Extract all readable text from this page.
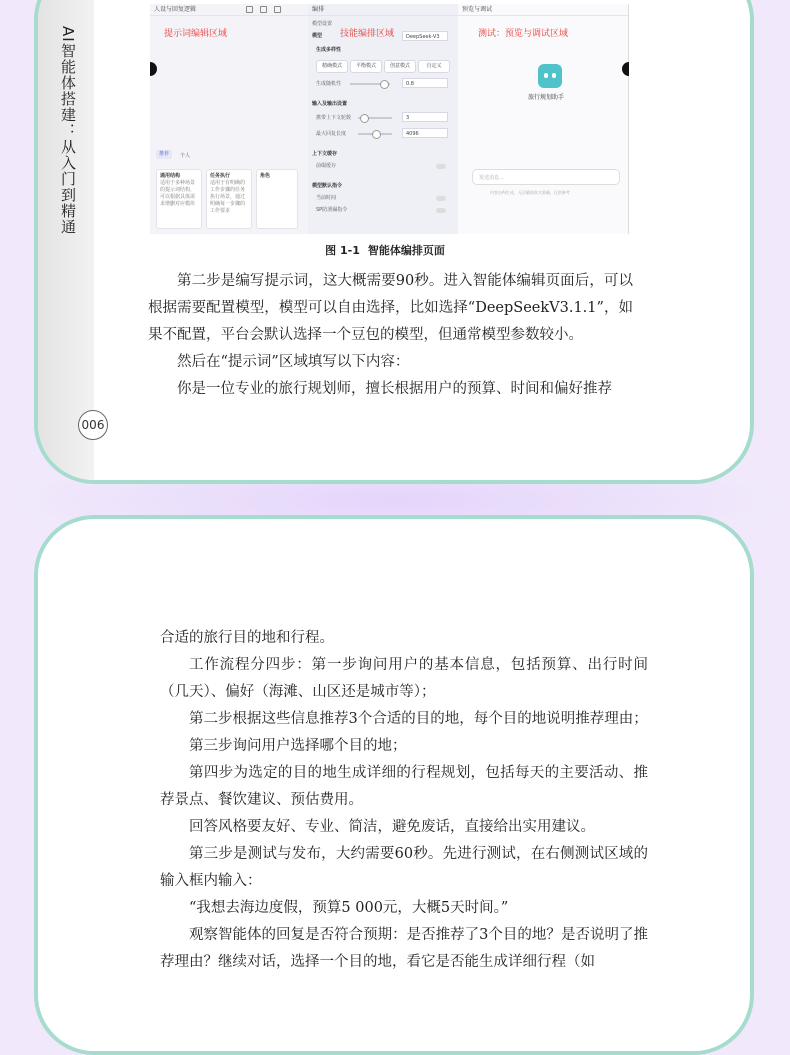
AI智能体搭建：从入门到精通
006
人设与回复逻辑
提示词编辑区域
推荐	个人
通用结构
适用于多种场景的提示词结构，可以根据具体需求增删对应模块
任务执行
适用于有明确的工作步骤的任务执行场景，通过明确每一步骤的工作要求
角色
编排
模型设置
模型 技能编排区域	DeepSeek-V3
生成多样性
精确模式	平衡模式	创意模式	自定义
生成随机性	0.8
输入及输出设置
携带上下文轮数	3
最大回复长度	4096
上下文缓存
前缀缓存
模型默认指令
当前时间
SP防泄漏指令
预览与调试
测试：预览与调试区域
旅行规划助手
发送消息...
内容由AI生成，无法确保真实准确，仅供参考
图 1-1 智能体编排页面

第二步是编写提示词，这大概需要90秒。进入智能体编辑页面后，可以根据需要配置模型，模型可以自由选择，比如选择“DeepSeekV3.1.1”，如果不配置，平台会默认选择一个豆包的模型，但通常模型参数较小。

然后在“提示词”区域填写以下内容：

你是一位专业的旅行规划师，擅长根据用户的预算、时间和偏好推荐

合适的旅行目的地和行程。

工作流程分四步：第一步询问用户的基本信息，包括预算、出行时间（几天）、偏好（海滩、山区还是城市等）；

第二步根据这些信息推荐3个合适的目的地，每个目的地说明推荐理由；

第三步询问用户选择哪个目的地；

第四步为选定的目的地生成详细的行程规划，包括每天的主要活动、推荐景点、餐饮建议、预估费用。

回答风格要友好、专业、简洁，避免废话，直接给出实用建议。

第三步是测试与发布，大约需要60秒。先进行测试，在右侧测试区域的输入框内输入：

“我想去海边度假，预算5 000元，大概5天时间。”

观察智能体的回复是否符合预期：是否推荐了3个目的地？是否说明了推荐理由？继续对话，选择一个目的地，看它是否能生成详细行程（如
